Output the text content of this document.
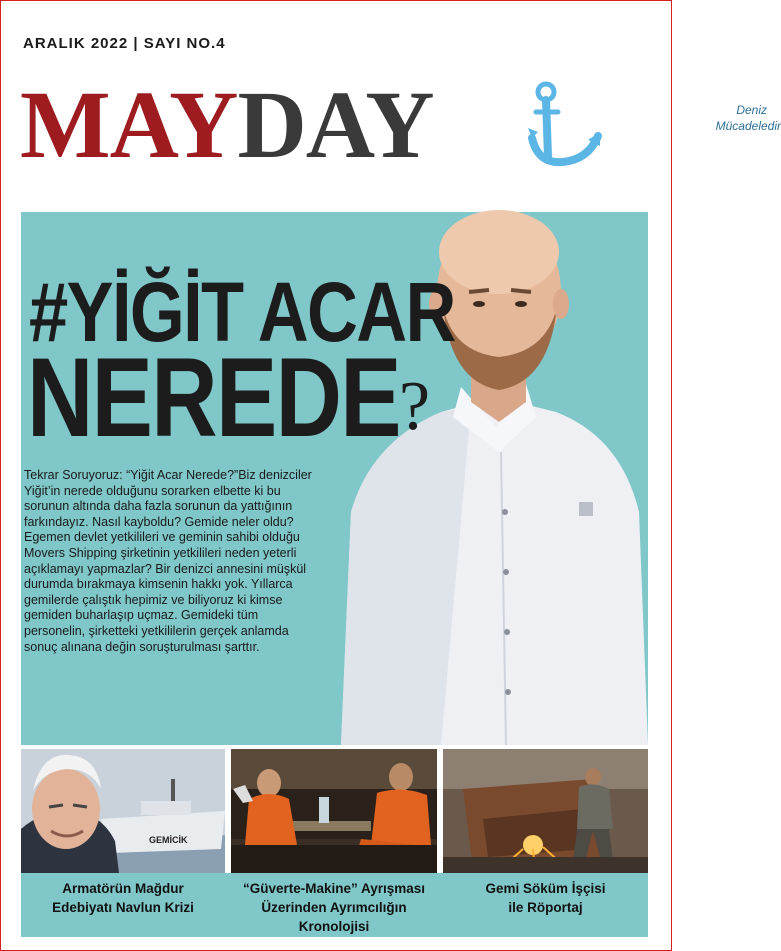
ARALIK 2022 | SAYI NO.4
MAYDAY	Deniz
Mücadeledir
#YİĞİT ACAR
NEREDE ?
Tekrar Soruyoruz: “Yiğit Acar Nerede?”Biz denizciler Yiğit’in nerede olduğunu sorarken elbette ki bu sorunun altında daha fazla sorunun da yattığının farkındayız. Nasıl kayboldu? Gemide neler oldu? Egemen devlet yetkilileri ve geminin sahibi olduğu Movers Shipping şirketinin yetkilileri neden yeterli açıklamayı yapmazlar? Bir denizci annesini müşkül durumda bırakmaya kimsenin hakkı yok. Yıllarca gemilerde çalıştık hepimiz ve biliyoruz ki kimse gemiden buharlaşıp uçmaz. Gemideki tüm personelin, şirketteki yetkililerin gerçek anlamda sonuç alınana değin soruşturulması şarttır.
GEMİCİK
Armatörün Mağdur
Edebiyatı Navlun Krizi
“Güverte-Makine” Ayrışması
Üzerinden Ayrımcılığın Kronolojisi
Gemi Söküm İşçisi
ile Röportaj
